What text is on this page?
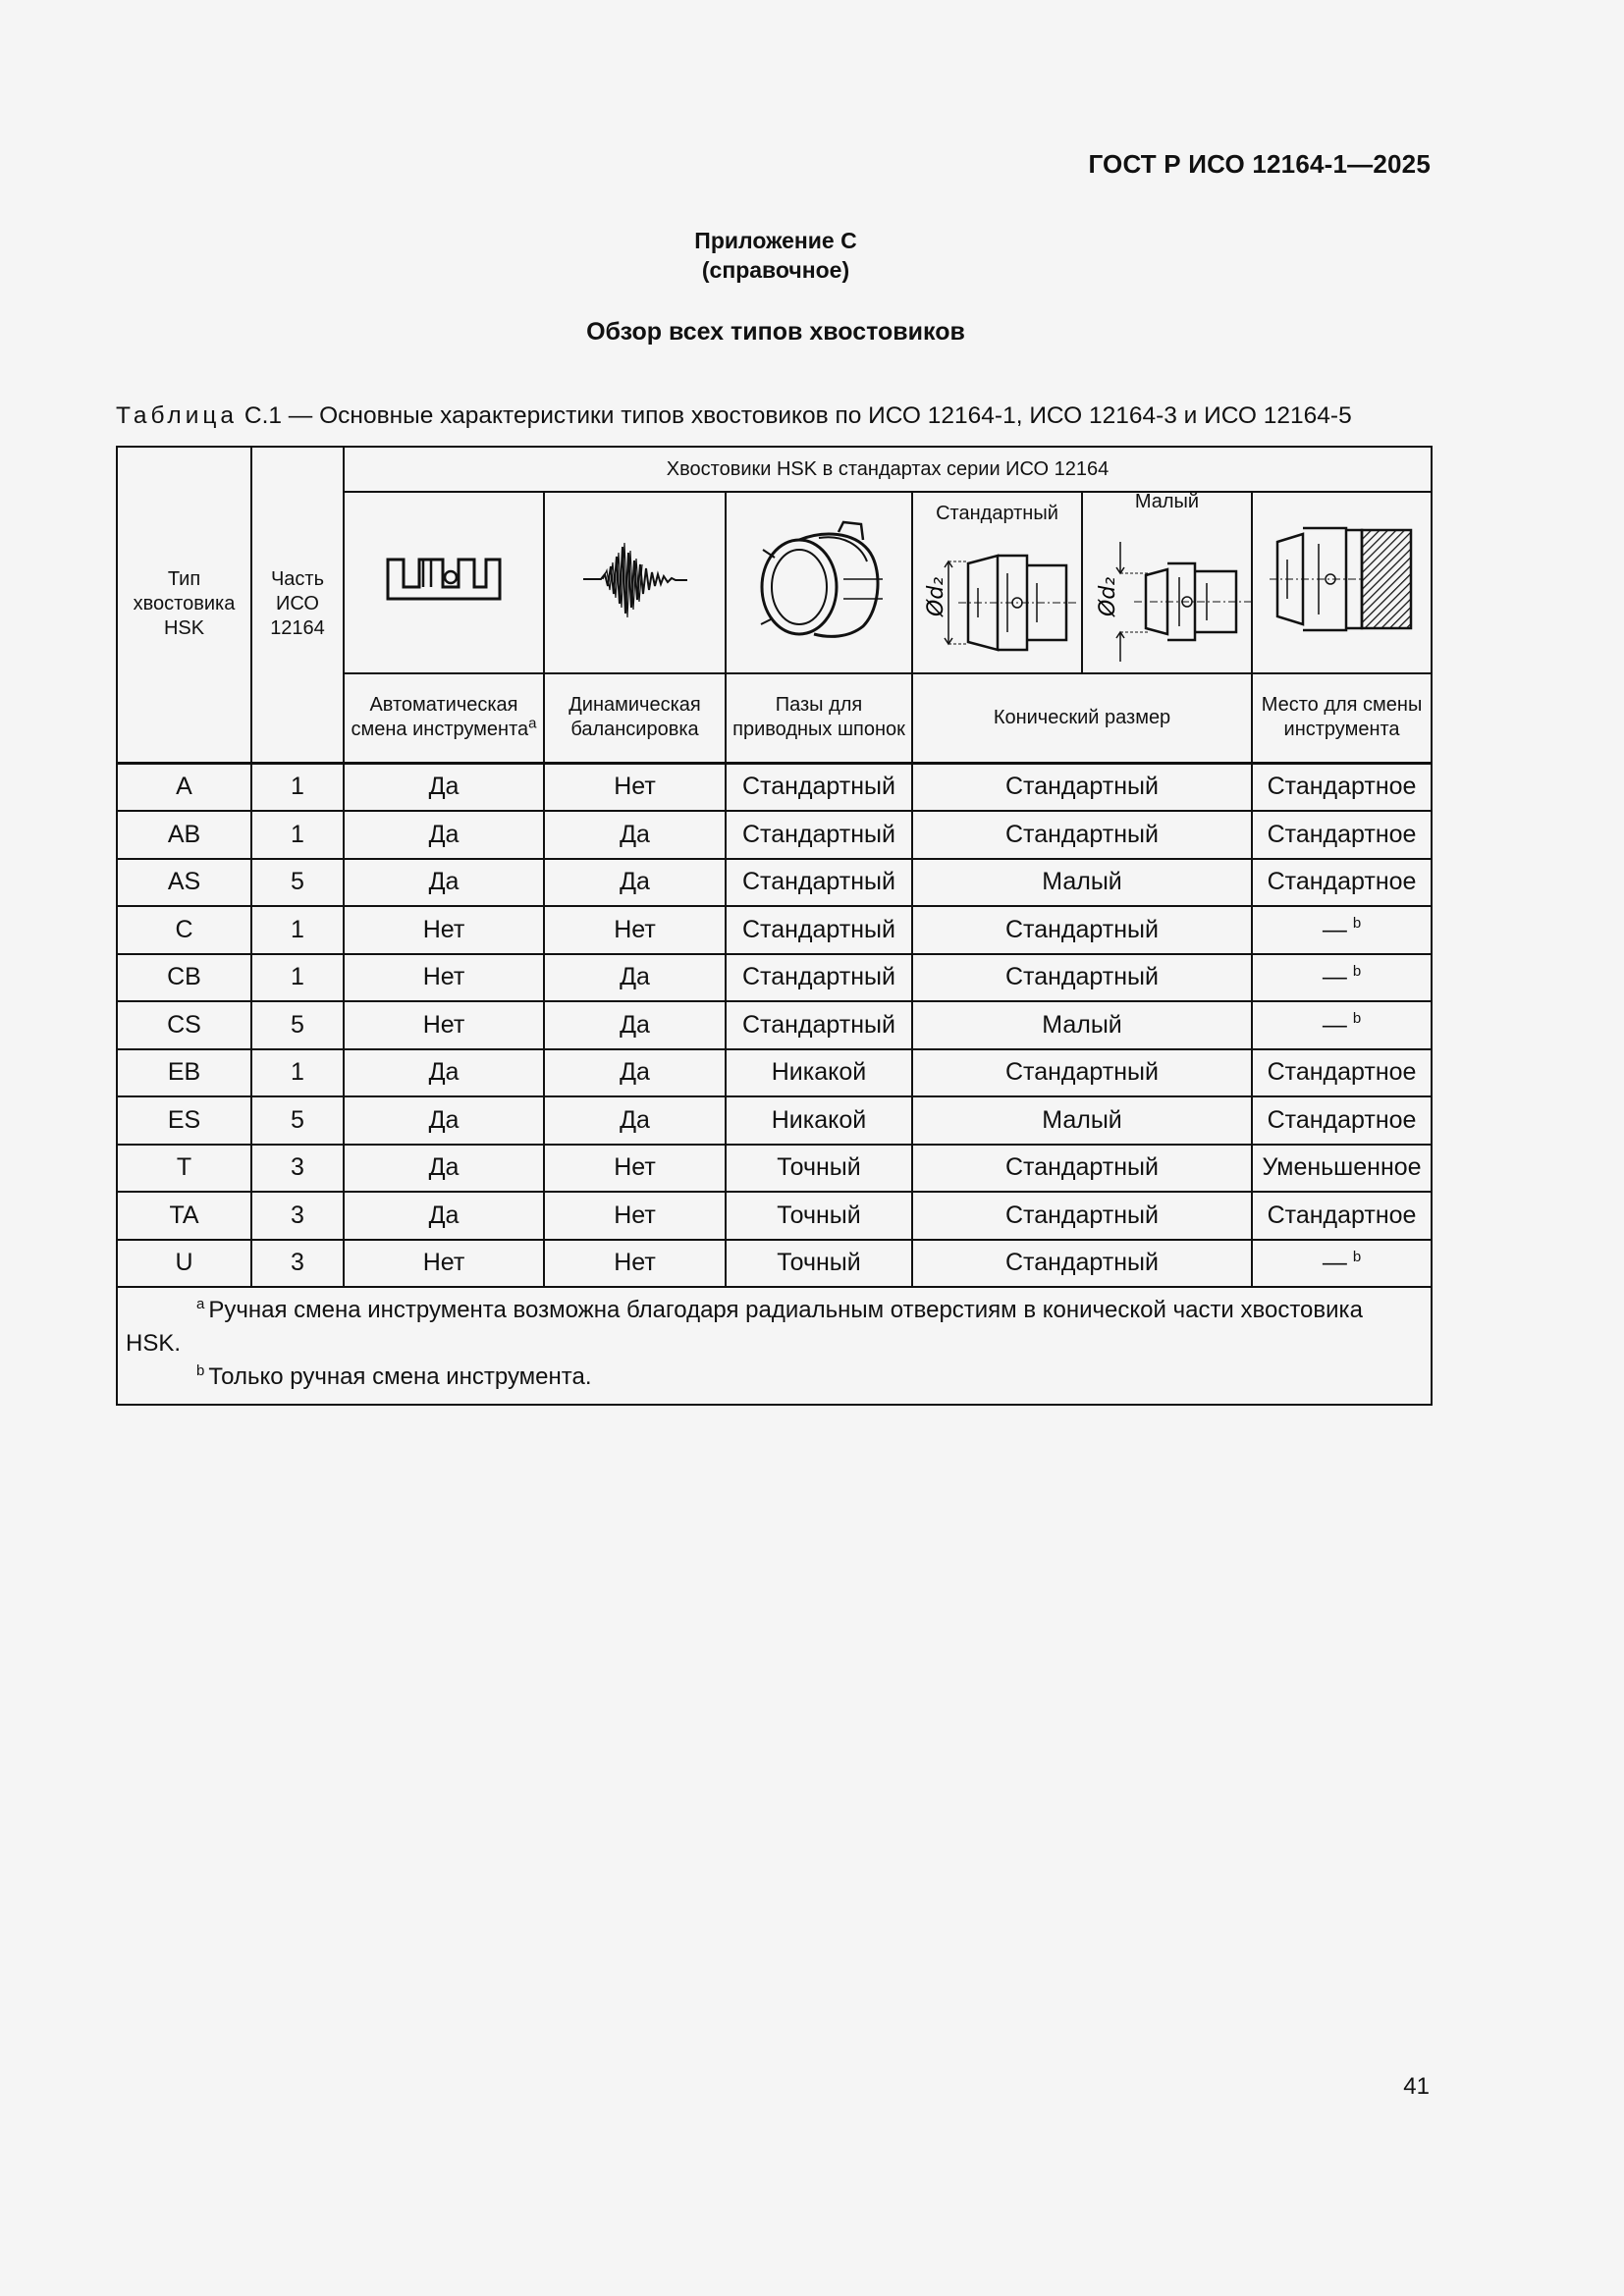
ГОСТ Р ИСО 12164-1—2025
Приложение С
(справочное)
Обзор всех типов хвостовиков
Таблица С.1 — Основные характеристики типов хвостовиков по ИСО 12164-1, ИСО 12164-3 и ИСО 12164-5
Тип хвостовика HSK	Часть ИСО 12164	Хвостовики HSK в стандартах серии ИСО 12164				

Стандартный
Ød₂
Малый
Ød₂

		Автоматическая смена инструмента$^a$	Динамическая балансировка	Пазы для приводных шпонок	Конический размер	Место для смены инструмента
A	1	Да	Нет	Стандартный	Стандартный	Стандартное
AB	1	Да	Да	Стандартный	Стандартный	Стандартное
AS	5	Да	Да	Стандартный	Малый	Стандартное
C	1	Нет	Нет	Стандартный	Стандартный	— $^b$
CB	1	Нет	Да	Стандартный	Стандартный	— $^b$
CS	5	Нет	Да	Стандартный	Малый	— $^b$
EB	1	Да	Да	Никакой	Стандартный	Стандартное
ES	5	Да	Да	Никакой	Малый	Стандартное
T	3	Да	Нет	Точный	Стандартный	Уменьшенное
TA	3	Да	Нет	Точный	Стандартный	Стандартное
U	3	Нет	Нет	Точный	Стандартный	— $^b$

$^a$ Ручная смена инструмента возможна благодаря радиальным отверстиям в конической части хвостовика HSK.
$^b$ Только ручная смена инструмента.						
41
